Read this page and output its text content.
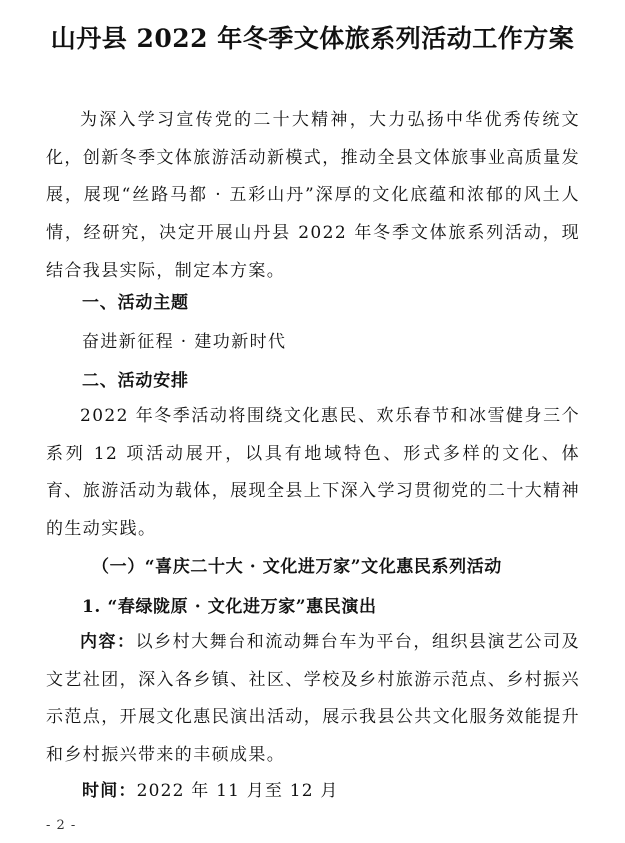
山丹县 2022 年冬季文体旅系列活动工作方案

为深入学习宣传党的二十大精神，大力弘扬中华优秀传统文化，创新冬季文体旅游活动新模式，推动全县文体旅事业高质量发展，展现“丝路马都 · 五彩山丹”深厚的文化底蕴和浓郁的风土人情，经研究，决定开展山丹县 2022 年冬季文体旅系列活动，现结合我县实际，制定本方案。

一、活动主题

奋进新征程 · 建功新时代

二、活动安排

2022 年冬季活动将围绕文化惠民、欢乐春节和冰雪健身三个系列 12 项活动展开，以具有地域特色、形式多样的文化、体育、旅游活动为载体，展现全县上下深入学习贯彻党的二十大精神的生动实践。

（一）“喜庆二十大 · 文化进万家”文化惠民系列活动

1. “春绿陇原 · 文化进万家”惠民演出

内容：以乡村大舞台和流动舞台车为平台，组织县演艺公司及文艺社团，深入各乡镇、社区、学校及乡村旅游示范点、乡村振兴示范点，开展文化惠民演出活动，展示我县公共文化服务效能提升和乡村振兴带来的丰硕成果。

时间：2022 年 11 月至 12 月

- 2 -
